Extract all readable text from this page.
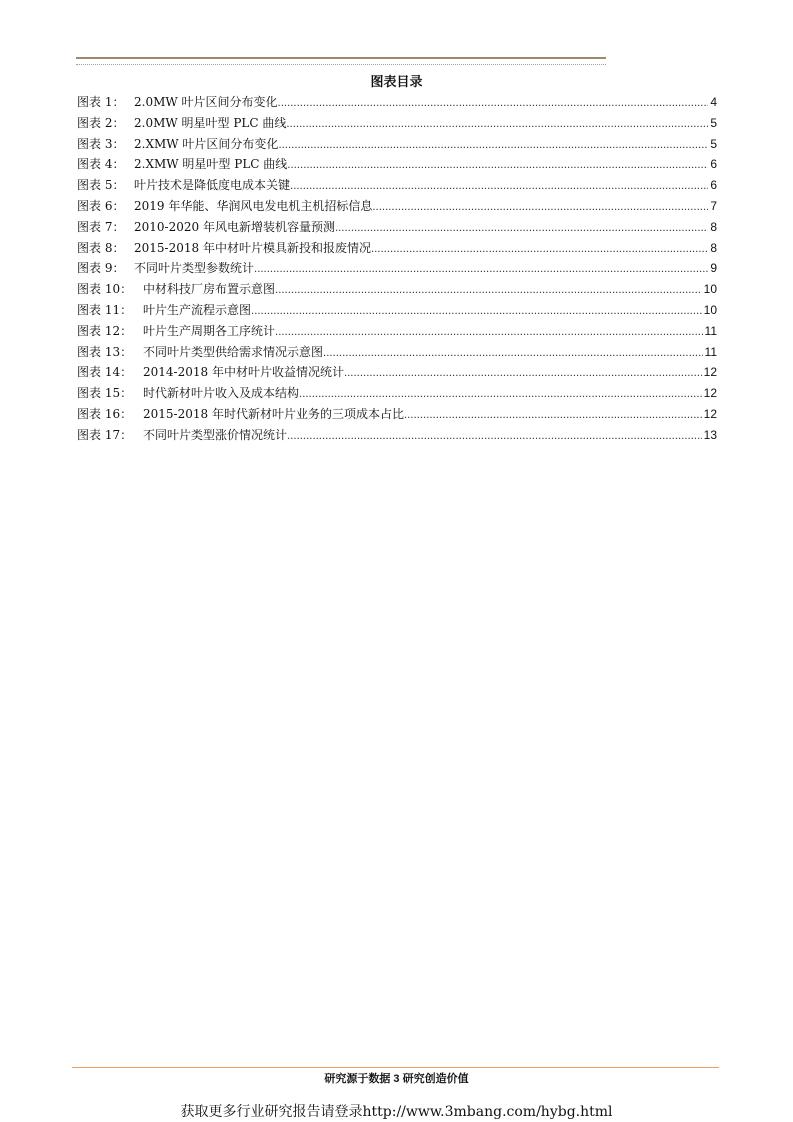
图表目录
图表 1： 2.0MW 叶片区间分布变化 .....	4
图表 2： 2.0MW 明星叶型 PLC 曲线 .....	5
图表 3： 2.XMW 叶片区间分布变化 .....	5
图表 4： 2.XMW 明星叶型 PLC 曲线 .....	6
图表 5： 叶片技术是降低度电成本关键 .....	6
图表 6： 2019 年华能、华润风电发电机主机招标信息 .....	7
图表 7： 2010-2020 年风电新增装机容量预测 .....	8
图表 8： 2015-2018 年中材叶片模具新投和报废情况 .....	8
图表 9： 不同叶片类型参数统计 .....	9
图表 10： 中材科技厂房布置示意图 .....	10
图表 11： 叶片生产流程示意图 .....	10
图表 12： 叶片生产周期各工序统计 .....	11
图表 13： 不同叶片类型供给需求情况示意图 .....	11
图表 14： 2014-2018 年中材叶片收益情况统计 .....	12
图表 15： 时代新材叶片收入及成本结构 .....	12
图表 16： 2015-2018 年时代新材叶片业务的三项成本占比 .....	12
图表 17： 不同叶片类型涨价情况统计 .....	13
研究源于数据 3 研究创造价值
获取更多行业研究报告请登录http://www.3mbang.com/hybg.html
